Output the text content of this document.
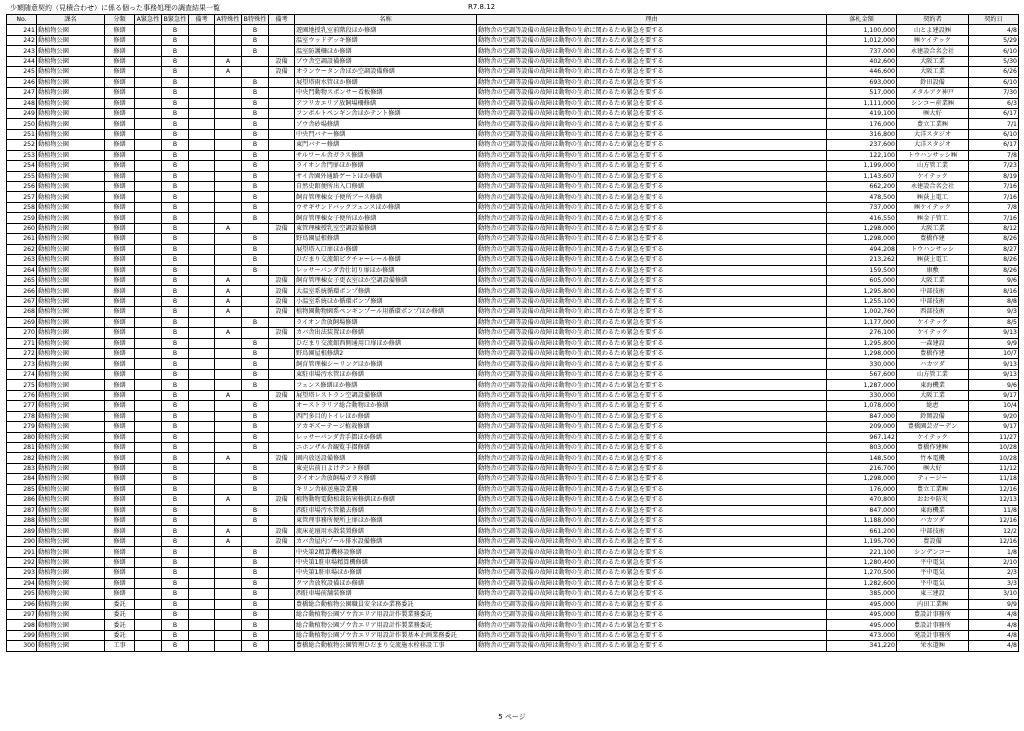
少額随意契約（見積合わせ）に係る個った事務処理の調査結果一覧	R7.8.12
No.	課名	分類	A緊急性	B緊急性	備考	A特殊性	B特殊性	備考	名称	理由	落札金額	契約者	契約日
241	動植物公園	修繕		B			B		遊園地授乳室前階段ほか修繕	動物舎の空調等設備の故障は動物の生命に関わるため緊急を要する	1,100,000	山とよ建設㈱	4/8
242	動植物公園	修繕		B			B		温室ウッドデッキ修繕	動物舎の空調等設備の故障は動物の生命に関わるため緊急を要する	1,012,000	㈱ケイテック	5/29
243	動植物公園	修繕		B			B		温室防護柵ほか修繕	動物舎の空調等設備の故障は動物の生命に関わるため緊急を要する	737,000	永建設合名会社	6/10
244	動植物公園	修繕		B		A		設備	ゾウ舎空調設備修繕	動物舎の空調等設備の故障は動物の生命に関わるため緊急を要する	402,600	大阪工業	5/30
245	動植物公園	修繕		B		A		設備	オランウータン舎ほか空調設備修繕	動物舎の空調等設備の故障は動物の生命に関わるため緊急を要する	446,600	大阪工業	6/26
246	動植物公園	修繕		B			B		展望塔雨水管ほか修繕	動物舎の空調等設備の故障は動物の生命に関わるため緊急を要する	693,000	鈴田設備	6/10
247	動植物公園	修繕		B			B		中央門動物スポンサー看板修繕	動物舎の空調等設備の故障は動物の生命に関わるため緊急を要する	517,000	メタルアク神戸	7/30
248	動植物公園	修繕		B			B		アフリカエリア放飼場柵修繕	動物舎の空調等設備の故障は動物の生命に関わるため緊急を要する	1,111,000	シンコー産業㈱	6/3
249	動植物公園	修繕		B			B		フンボルトペンギン舎ほかテント修繕	動物舎の空調等設備の故障は動物の生命に関わるため緊急を要する	419,100	㈱大好	6/17
250	動植物公園	修繕		B			B		ゾウ舎砂場修繕	動物舎の空調等設備の故障は動物の生命に関わるため緊急を要する	176,000	豊立工業㈱	7/1
251	動植物公園	修繕		B			B		中央門バナー修繕	動物舎の空調等設備の故障は動物の生命に関わるため緊急を要する	316,800	大洋スタジオ	6/10
252	動植物公園	修繕		B			B		東門バナー修繕	動物舎の空調等設備の故障は動物の生命に関わるため緊急を要する	237,600	大洋スタジオ	6/17
253	動植物公園	修繕		B			B		サルワール舎ガラス修繕	動物舎の空調等設備の故障は動物の生命に関わるため緊急を要する	122,100	トウハンサッシ㈱	7/8
254	動植物公園	修繕		B			B		ライオン舎門扉ほか修繕	動物舎の空調等設備の故障は動物の生命に関わるため緊急を要する	1,199,000	山方管工業	7/23
255	動植物公園	修繕		B			B		サイ舎園外通路ゲートほか修繕	動物舎の空調等設備の故障は動物の生命に関わるため緊急を要する	1,143,607	ケイテック	8/19
256	動植物公園	修繕		B			B		自然史館便所出入口修繕	動物舎の空調等設備の故障は動物の生命に関わるため緊急を要する	662,200	永建設合名会社	7/16
257	動植物公園	修繕		B			B		飼育管理棟女子便所ブース修繕	動物舎の空調等設備の故障は動物の生命に関わるため緊急を要する	478,500	㈱荻上電工	7/16
258	動植物公園	修繕		B			B		ウサギサンドバックフェンスほか修繕	動物舎の空調等設備の故障は動物の生命に関わるため緊急を要する	737,000	㈱ケイテック	7/8
259	動植物公園	修繕		B			B		飼育管理棟女子便所ほか修繕	動物舎の空調等設備の故障は動物の生命に関わるため緊急を要する	416,550	㈱金子管工	7/16
260	動植物公園	修繕		B		A		設備	東管理棟授乳室空調設備修繕	動物舎の空調等設備の故障は動物の生命に関わるため緊急を要する	1,298,000	大阪工業	8/12
261	動植物公園	修繕		B			B		野鳥園屋根修繕	動物舎の空調等設備の故障は動物の生命に関わるため緊急を要する	1,298,000	豊橋作建	8/26
262	動植物公園	修繕		B			B		展望塔入口扉ほか修繕	動物舎の空調等設備の故障は動物の生命に関わるため緊急を要する	494,208	トウハンサッシ	8/27
263	動植物公園	修繕		B			B		ひだまり交流館ピクチャーレール修繕	動物舎の空調等設備の故障は動物の生命に関わるため緊急を要する	213,262	㈱荻上電工	8/26
264	動植物公園	修繕		B			B		レッサーパンダ舎仕切り扉ほか修繕	動物舎の空調等設備の故障は動物の生命に関わるため緊急を要する	159,500	康敷	8/26
265	動植物公園	修繕		B		A		設備	飼育管理棟女子更衣室ほか空調設備修繕	動物舎の空調等設備の故障は動物の生命に関わるため緊急を要する	605,000	大阪工業	9/6
266	動植物公園	修繕		B		A		設備	大温室系統循環ポンプ修繕	動物舎の空調等設備の故障は動物の生命に関わるため緊急を要する	1,295,800	中部技術	8/16
267	動植物公園	修繕		B		A		設備	小温室系統ほか循環ポンプ修繕	動物舎の空調等設備の故障は動物の生命に関わるため緊急を要する	1,255,100	中部技術	8/8
268	動植物公園	修繕		B		A		設備	植物園動物園系ペンギンプール用循環ポンプほか修繕	動物舎の空調等設備の故障は動物の生命に関わるため緊急を要する	1,002,760	西部技術	9/3
269	動植物公園	修繕		B			B		ライオン舎放飼場修繕	動物舎の空調等設備の故障は動物の生命に関わるため緊急を要する	1,177,000	ケイテック	8/5
270	動植物公園	修繕		B		A		設備	カバ舎出法装置ほか修繕	動物舎の空調等設備の故障は動物の生命に関わるため緊急を要する	276,100	ケイテック	9/13
271	動植物公園	修繕		B			B		ひだまり交流館西側通用口扉ほか修繕	動物舎の空調等設備の故障は動物の生命に関わるため緊急を要する	1,295,800	一森建設	9/9
272	動植物公園	修繕		B			B		野鳥園屋根修繕2	動物舎の空調等設備の故障は動物の生命に関わるため緊急を要する	1,298,000	豊橋作建	10/7
273	動植物公園	修繕		B			B		飼育管理棟シーリングほか修繕	動物舎の空調等設備の故障は動物の生命に関わるため緊急を要する	330,000	ハカツダ	9/13
274	動植物公園	修繕		B			B		東駐車場汚水管ほか修繕	動物舎の空調等設備の故障は動物の生命に関わるため緊急を要する	567,600	山方管工業	9/13
275	動植物公園	修繕		B			B		フェンス修繕ほか修繕	動物舎の空調等設備の故障は動物の生命に関わるため緊急を要する	1,287,000	東海機業	9/6
276	動植物公園	修繕		B		A		設備	展望塔レストラン空調設備修繕	動物舎の空調等設備の故障は動物の生命に関わるため緊急を要する	330,000	大阪工業	9/17
277	動植物公園	修繕		B			B		オーストラリア総合動物ほか修繕	動物舎の空調等設備の故障は動物の生命に関わるため緊急を要する	1,078,000	総恵	10/4
278	動植物公園	修繕		B			B		西門多目的トイレほか修繕	動物舎の空調等設備の故障は動物の生命に関わるため緊急を要する	847,000	鈴岡設備	9/20
279	動植物公園	修繕		B			B		アカギズーテージ植栽修繕	動物舎の空調等設備の故障は動物の生命に関わるため緊急を要する	209,000	豊橋園芸ガーデン	9/17
280	動植物公園	修繕		B			B		レッサーパンダ舎手摺ほか修繕	動物舎の空調等設備の故障は動物の生命に関わるため緊急を要する	967,142	ケイテック	11/27
281	動植物公園	修繕		B			B		ニホンザル舎観覧手摺修繕	動物舎の空調等設備の故障は動物の生命に関わるため緊急を要する	803,000	豊橋作建㈱	10/28
282	動植物公園	修繕		B		A		設備	園内放送設備修繕	動物舎の空調等設備の故障は動物の生命に関わるため緊急を要する	148,500	竹本電機	10/28
283	動植物公園	修繕		B			B		東売店前日よけテント修繕	動物舎の空調等設備の故障は動物の生命に関わるため緊急を要する	216,700	㈱大好	11/12
284	動植物公園	修繕		B			B		ライオン舎放飼場ガラス修繕	動物舎の空調等設備の故障は動物の生命に関わるため緊急を要する	1,298,000	ティージー	11/18
285	動植物公園	修繕		B			B		キリン舎移送施設業務	動物舎の空調等設備の故障は動物の生命に関わるため緊急を要する	176,000	豊立工業㈱	12/16
286	動植物公園	修繕		B		A		設備	植物動物電動植栽防害修繕ほか修繕	動物舎の空調等設備の故障は動物の生命に関わるため緊急を要する	470,800	おおや防災	12/13
287	動植物公園	修繕		B			B		西駐車場汚水管撤去修繕	動物舎の空調等設備の故障は動物の生命に関わるため緊急を要する	847,000	東海機業	11/8
288	動植物公園	修繕		B			B		東管理事務所便所上扉ほか修繕	動物舎の空調等設備の故障は動物の生命に関わるため緊急を要する	1,188,000	ハカツダ	12/16
289	動植物公園	修繕		B		A		設備	流床花壇用水散装置修繕	動物舎の空調等設備の故障は動物の生命に関わるため緊急を要する	661,200	中部技術	12/2
290	動植物公園	修繕		B		A		設備	カバ舎屋内プール排水設備修繕	動物舎の空調等設備の故障は動物の生命に関わるため緊急を要する	1,195,700	豊設備	12/16
291	動植物公園	修繕		B			B		中央第2精算機移設修繕	動物舎の空調等設備の故障は動物の生命に関わるため緊急を要する	221,100	シンデンコー	1/8
292	動植物公園	修繕		B			B		中央第1駐車場精算機修繕	動物舎の空調等設備の故障は動物の生命に関わるため緊急を要する	1,280,400	平中電気	2/10
293	動植物公園	修繕		B			B		中央第1駐車場ほか修繕	動物舎の空調等設備の故障は動物の生命に関わるため緊急を要する	1,270,500	平中電気	2/3
294	動植物公園	修繕		B			B		クマ舎放牧設備ほか修繕	動物舎の空調等設備の故障は動物の生命に関わるため緊急を要する	1,282,600	平中電気	3/3
295	動植物公園	修繕		B			B		西駐車場前舗装修繕	動物舎の空調等設備の故障は動物の生命に関わるため緊急を要する	385,000	東三建設	3/10
296	動植物公園	委託		B			B		豊橋総合動植物公園職員安全ほか業務委託	動物舎の空調等設備の故障は動物の生命に関わるため緊急を要する	495,000	内田工業㈱	9/9
297	動植物公園	委託		B			B		総合動植物公園ゾウ舎エリア用設計作製業務委託	動物舎の空調等設備の故障は動物の生命に関わるため緊急を要する	495,000	豊設計事務所	4/8
298	動植物公園	委託		B			B		総合動植物公園ゾウ舎エリア用設計作製業務委託	動物舎の空調等設備の故障は動物の生命に関わるため緊急を要する	495,000	豊設計事務所	4/8
299	動植物公園	委託		B			B		総合動植物公園ゾウ舎エリア用設計作製基本企画業務委託	動物舎の空調等設備の故障は動物の生命に関わるため緊急を要する	473,000	発設計事務所	4/8
300	動植物公園	工事		B			B		豊橋総合動植物公園管理ひだまり交流施水栓移設工事	動物舎の空調等設備の故障は動物の生命に関わるため緊急を要する	341,220	栄水道㈱	4/8
5 ページ
